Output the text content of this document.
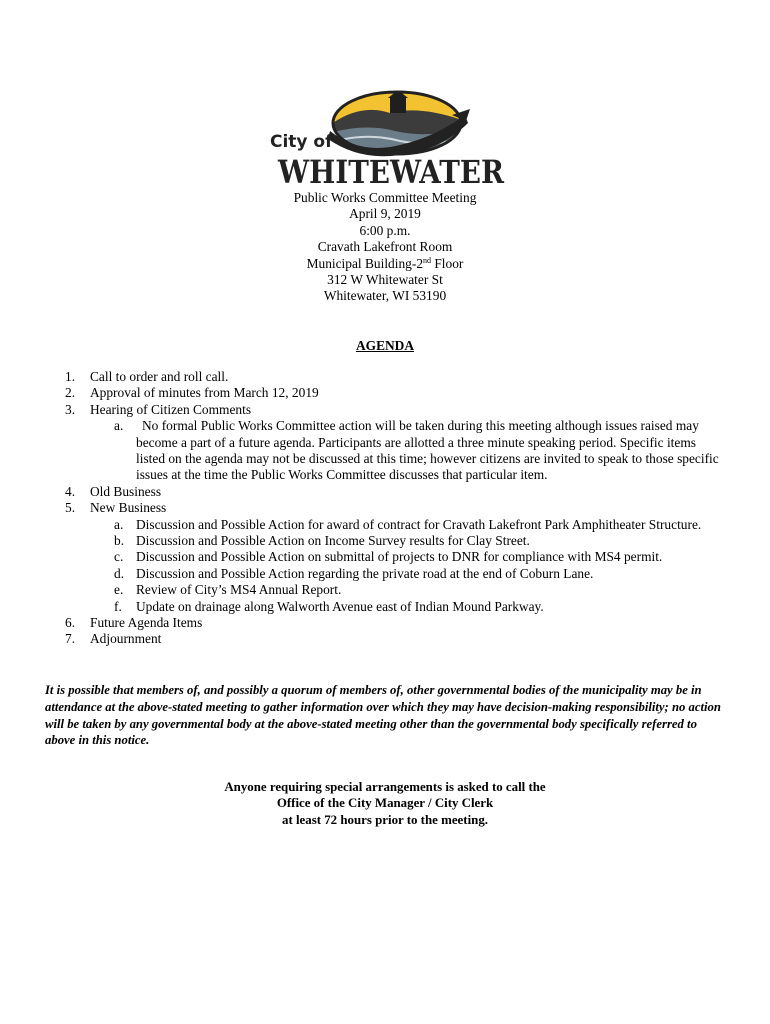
City of
WHITEWATER
Public Works Committee Meeting
April 9, 2019
6:00 p.m.
Cravath Lakefront Room
Municipal Building-2nd Floor
312 W Whitewater St
Whitewater, WI 53190
AGENDA
1. Call to order and roll call.
2. Approval of minutes from March 12, 2019
3. Hearing of Citizen Comments
a.	No formal Public Works Committee action will be taken during this meeting although issues raised may become a part of a future agenda. Participants are allotted a three minute speaking period. Specific items listed on the agenda may not be discussed at this time; however citizens are invited to speak to those specific issues at the time the Public Works Committee discusses that particular item.
4. Old Business
5. New Business
a. Discussion and Possible Action for award of contract for Cravath Lakefront Park Amphitheater Structure.
b. Discussion and Possible Action on Income Survey results for Clay Street.
c. Discussion and Possible Action on submittal of projects to DNR for compliance with MS4 permit.
d. Discussion and Possible Action regarding the private road at the end of Coburn Lane.
e. Review of City’s MS4 Annual Report.
f. Update on drainage along Walworth Avenue east of Indian Mound Parkway.
6. Future Agenda Items
7. Adjournment
It is possible that members of, and possibly a quorum of members of, other governmental bodies of the municipality may be in attendance at the above-stated meeting to gather information over which they may have decision-making responsibility; no action will be taken by any governmental body at the above-stated meeting other than the governmental body specifically referred to above in this notice.
Anyone requiring special arrangements is asked to call the
Office of the City Manager / City Clerk
at least 72 hours prior to the meeting.
